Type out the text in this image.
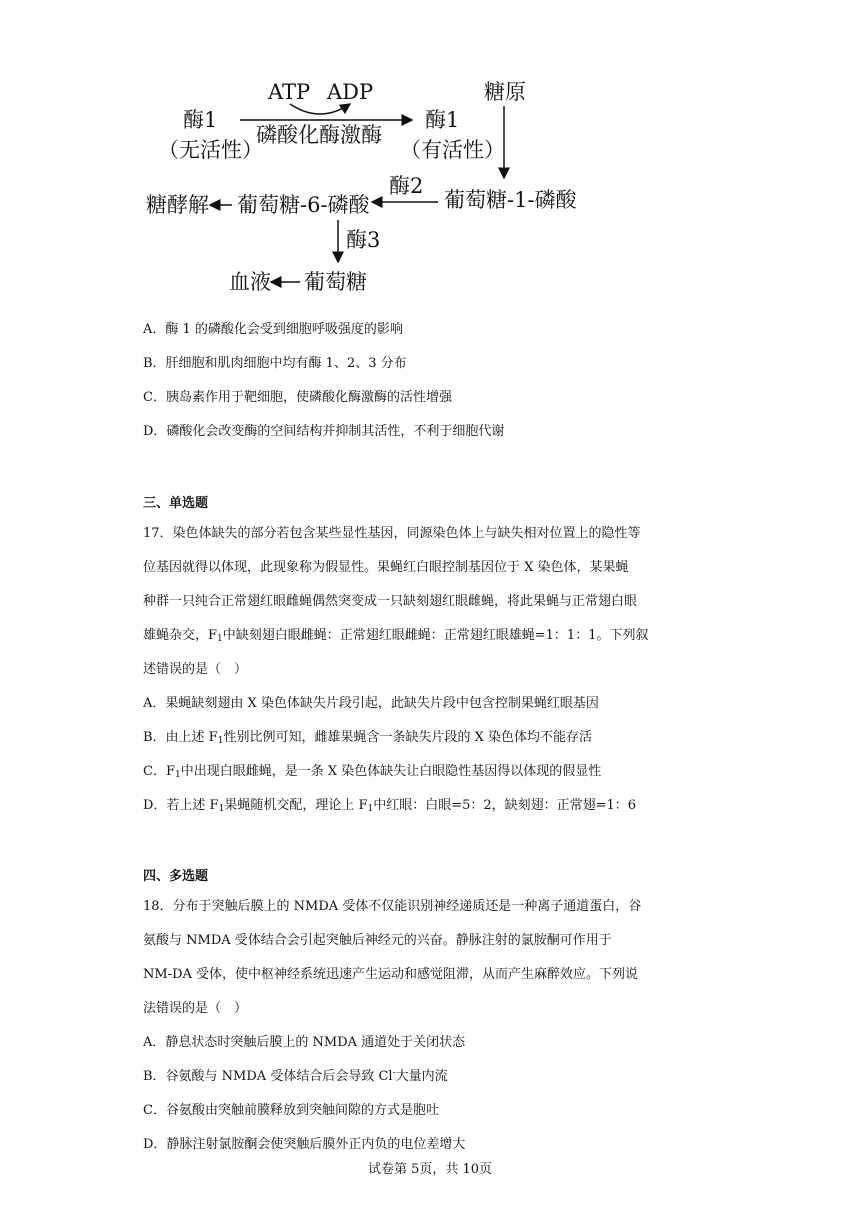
酶1
（无活性）
ATP ADP
磷酸化酶激酶
酶1
（有活性）
糖原
葡萄糖-1-磷酸
酶2
糖酵解 葡萄糖-6-磷酸
酶3
血液 葡萄糖
A．酶 1 的磷酸化会受到细胞呼吸强度的影响
B．肝细胞和肌肉细胞中均有酶 1、2、3 分布
C．胰岛素作用于靶细胞，使磷酸化酶激酶的活性增强
D．磷酸化会改变酶的空间结构并抑制其活性，不利于细胞代谢
三、单选题
17．染色体缺失的部分若包含某些显性基因，同源染色体上与缺失相对位置上的隐性等
位基因就得以体现，此现象称为假显性。果蝇红白眼控制基因位于 X 染色体，某果蝇
种群一只纯合正常翅红眼雌蝇偶然突变成一只缺刻翅红眼雌蝇，将此果蝇与正常翅白眼
雄蝇杂交，$F_1$中缺刻翅白眼雌蝇：正常翅红眼雌蝇：正常翅红眼雄蝇=1：1：1。下列叙
述错误的是（　）
A．果蝇缺刻翅由 X 染色体缺失片段引起，此缺失片段中包含控制果蝇红眼基因
B．由上述 $F_1$性别比例可知，雌雄果蝇含一条缺失片段的 X 染色体均不能存活
C．$F_1$中出现白眼雌蝇，是一条 X 染色体缺失让白眼隐性基因得以体现的假显性
D．若上述 $F_1$果蝇随机交配，理论上 $F_1$中红眼：白眼=5：2，缺刻翅：正常翅=1：6
四、多选题
18．分布于突触后膜上的 NMDA 受体不仅能识别神经递质还是一种离子通道蛋白，谷
氨酸与 NMDA 受体结合会引起突触后神经元的兴奋。静脉注射的氯胺酮可作用于
NM-DA 受体，使中枢神经系统迅速产生运动和感觉阻滞，从而产生麻醉效应。下列说
法错误的是（　）
A．静息状态时突触后膜上的 NMDA 通道处于关闭状态
B．谷氨酸与 NMDA 受体结合后会导致 Cl-大量内流
C．谷氨酸由突触前膜释放到突触间隙的方式是胞吐
D．静脉注射氯胺酮会使突触后膜外正内负的电位差增大
试卷第 5页，共 10页
